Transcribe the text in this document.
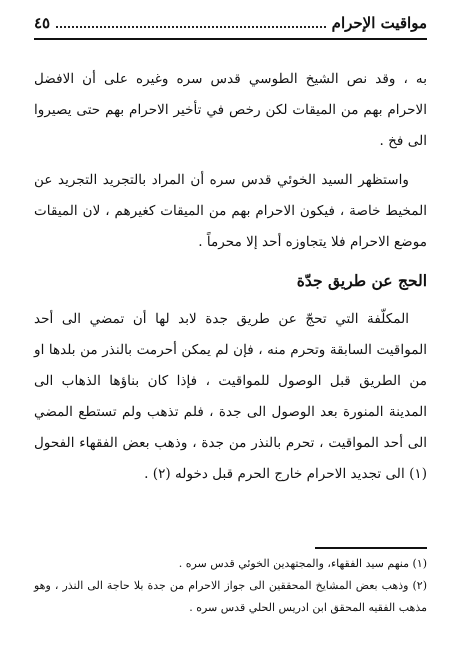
مواقيت الإحرام
٤٥

به ، وقد نص الشيخ الطوسي قدس سره وغيره على أن الافضل الاحرام بهم من الميقات لكن رخص في تأخير الاحرام بهم حتى يصيروا الى فخ .

واستظهر السيد الخوئي قدس سره أن المراد بالتجريد التجريد عن المخيط خاصة ، فيكون الاحرام بهم من الميقات كغيرهم ، لان الميقات موضع الاحرام فلا يتجاوزه أحد إلا محرماً .

الحج عن طريق جدّة

المكلّفة التي تحجّ عن طريق جدة لابد لها أن تمضي الى أحد المواقيت السابقة وتحرم منه ، فإن لم يمكن أحرمت بالنذر من بلدها او من الطريق قبل الوصول للمواقيت ، فإذا كان بناؤها الذهاب الى المدينة المنورة بعد الوصول الى جدة ، فلم تذهب ولم تستطع المضي الى أحد المواقيت ، تحرم بالنذر من جدة ، وذهب بعض الفقهاء الفحول (١) الى تجديد الاحرام خارج الحرم قبل دخوله (٢) .

(١) منهم سيد الفقهاء، والمجتهدين الخوئي قدس سره .

(٢) وذهب بعض المشايخ المحققين الى جواز الاحرام من جدة بلا حاجة الى النذر ، وهو مذهب الفقيه المحقق ابن ادريس الحلي قدس سره .
